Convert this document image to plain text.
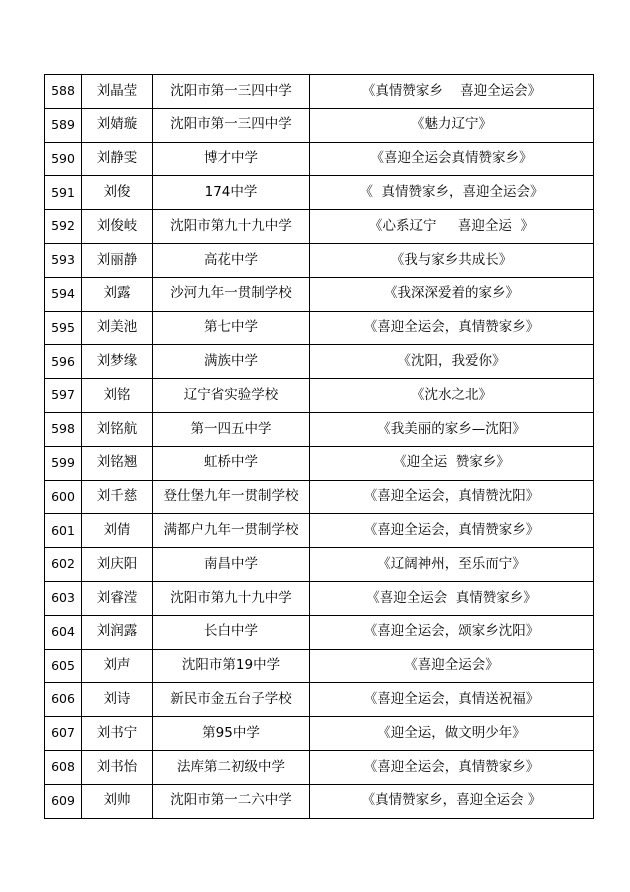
588	刘晶莹	沈阳市第一三四中学	《真情赞家乡    喜迎全运会》
589	刘婧璇	沈阳市第一三四中学	《魅力辽宁》
590	刘静雯	博才中学	《喜迎全运会真情赞家乡》
591	刘俊	174中学	《  真情赞家乡，喜迎全运会》
592	刘俊岐	沈阳市第九十九中学	《心系辽宁     喜迎全运  》
593	刘丽静	高花中学	《我与家乡共成长》
594	刘露	沙河九年一贯制学校	《我深深爱着的家乡》
595	刘美池	第七中学	《喜迎全运会，真情赞家乡》
596	刘梦缘	满族中学	《沈阳，我爱你》
597	刘铭	辽宁省实验学校	《沈水之北》
598	刘铭航	第一四五中学	《我美丽的家乡—沈阳》
599	刘铭翘	虹桥中学	《迎全运  赞家乡》
600	刘千慈	登仕堡九年一贯制学校	《喜迎全运会，真情赞沈阳》
601	刘倩	满都户九年一贯制学校	《喜迎全运会，真情赞家乡》
602	刘庆阳	南昌中学	《辽阔神州，至乐而宁》
603	刘睿滢	沈阳市第九十九中学	《喜迎全运会  真情赞家乡》
604	刘润露	长白中学	《喜迎全运会，颂家乡沈阳》
605	刘声	沈阳市第19中学	《喜迎全运会》
606	刘诗	新民市金五台子学校	《喜迎全运会，真情送祝福》
607	刘书宁	第95中学	《迎全运，做文明少年》
608	刘书怡	法库第二初级中学	《喜迎全运会，真情赞家乡》
609	刘帅	沈阳市第一二六中学	《真情赞家乡，喜迎全运会 》
